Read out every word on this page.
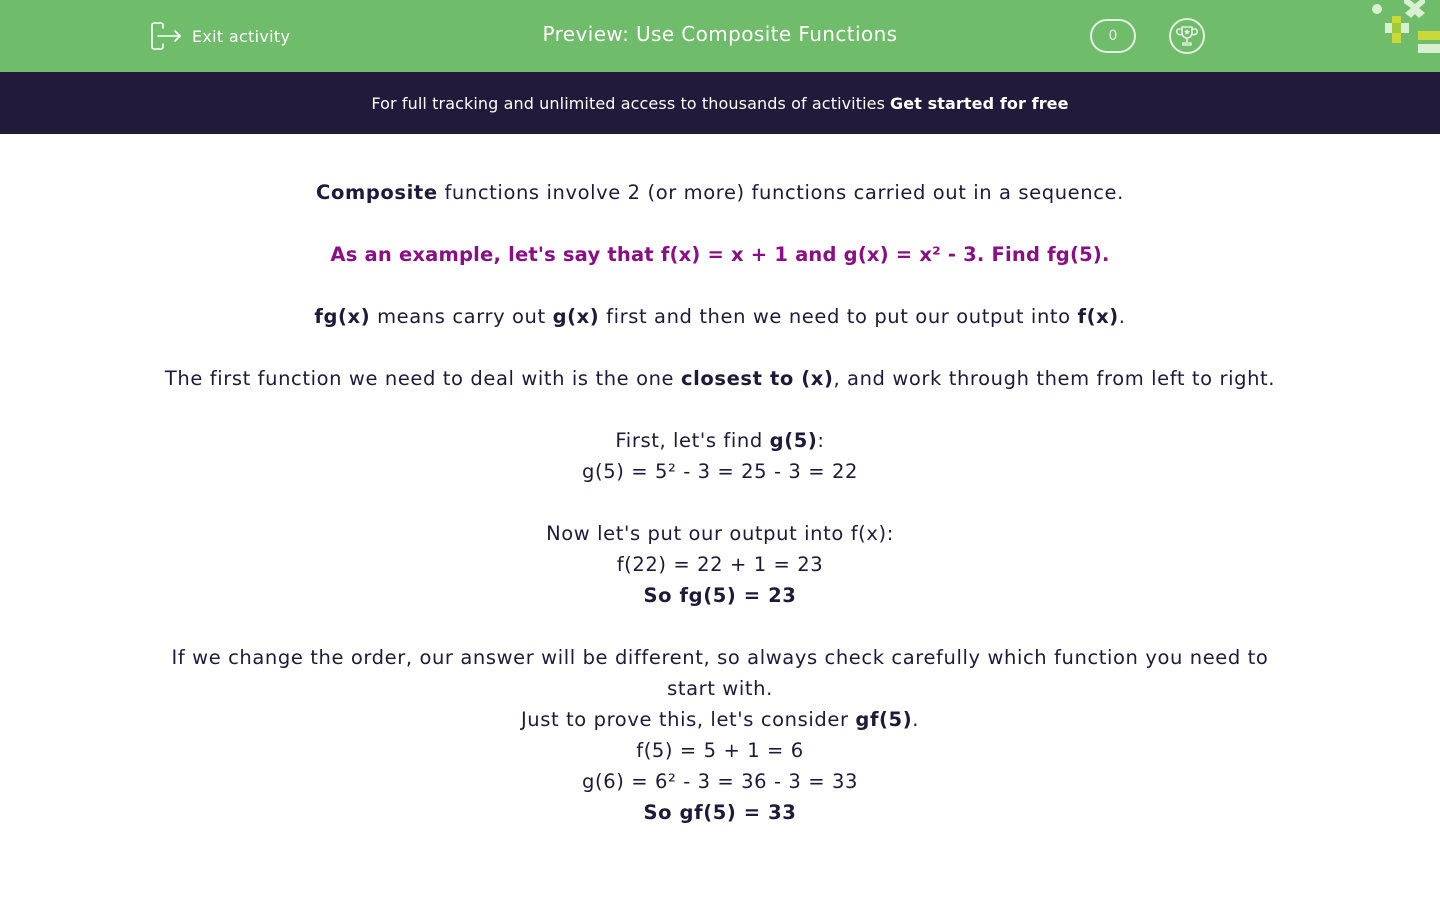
Exit activity	Preview: Use Composite Functions	0
For full tracking and unlimited access to thousands of activities Get started for free

Composite functions involve 2 (or more) functions carried out in a sequence.

As an example, let's say that f(x) = x + 1 and g(x) = x² - 3. Find fg(5).

fg(x) means carry out g(x) first and then we need to put our output into f(x).

The first function we need to deal with is the one closest to (x), and work through them from left to right.

First, let's find g(5):

g(5) = 5² - 3 = 25 - 3 = 22

Now let's put our output into f(x):

f(22) = 22 + 1 = 23

So fg(5) = 23

If we change the order, our answer will be different, so always check carefully which function you need to start with.

Just to prove this, let's consider gf(5).

f(5) = 5 + 1 = 6

g(6) = 6² - 3 = 36 - 3 = 33

So gf(5) = 33
